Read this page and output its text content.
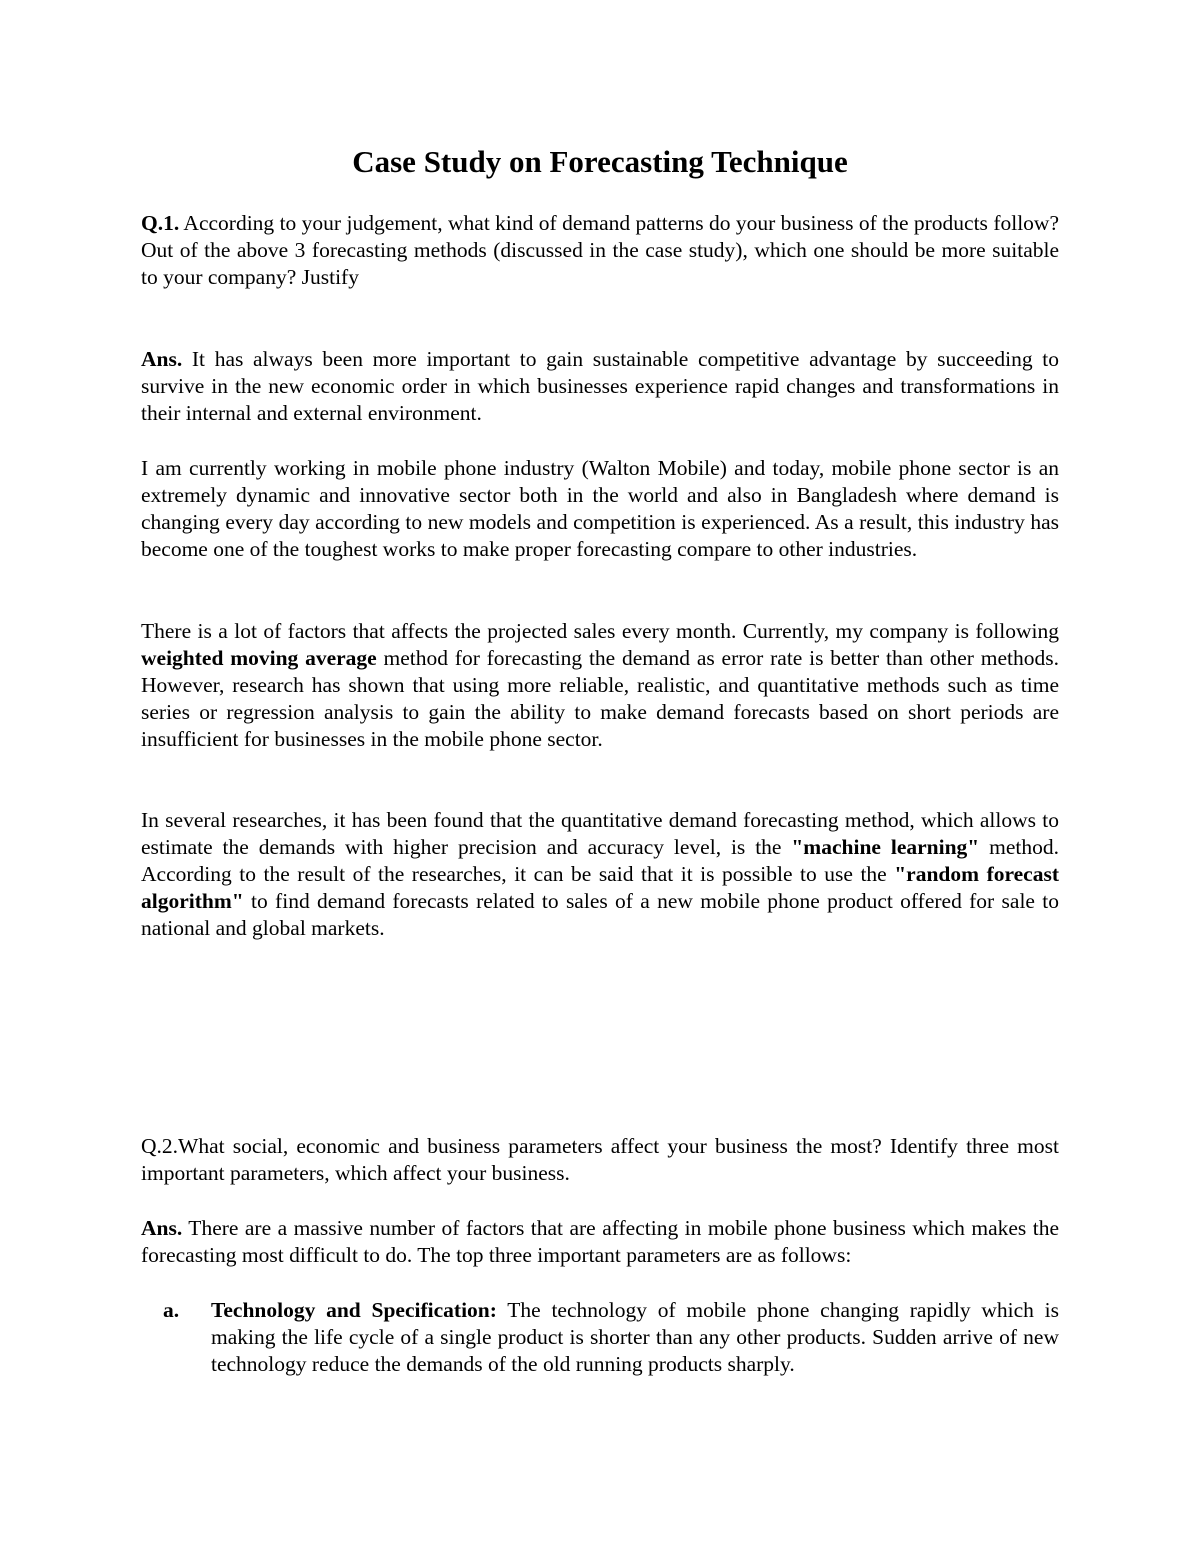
Case Study on Forecasting Technique

Q.1. According to your judgement, what kind of demand patterns do your business of the products follow? Out of the above 3 forecasting methods (discussed in the case study), which one should be more suitable to your company? Justify

Ans. It has always been more important to gain sustainable competitive advantage by succeeding to survive in the new economic order in which businesses experience rapid changes and transformations in their internal and external environment.

I am currently working in mobile phone industry (Walton Mobile) and today, mobile phone sector is an extremely dynamic and innovative sector both in the world and also in Bangladesh where demand is changing every day according to new models and competition is experienced. As a result, this industry has become one of the toughest works to make proper forecasting compare to other industries.

There is a lot of factors that affects the projected sales every month. Currently, my company is following weighted moving average method for forecasting the demand as error rate is better than other methods. However, research has shown that using more reliable, realistic, and quantitative methods such as time series or regression analysis to gain the ability to make demand forecasts based on short periods are insufficient for businesses in the mobile phone sector.

In several researches, it has been found that the quantitative demand forecasting method, which allows to estimate the demands with higher precision and accuracy level, is the "machine learning" method. According to the result of the researches, it can be said that it is possible to use the "random forecast algorithm" to find demand forecasts related to sales of a new mobile phone product offered for sale to national and global markets.

Q.2.What social, economic and business parameters affect your business the most? Identify three most important parameters, which affect your business.

Ans. There are a massive number of factors that are affecting in mobile phone business which makes the forecasting most difficult to do. The top three important parameters are as follows:

a. Technology and Specification: The technology of mobile phone changing rapidly which is making the life cycle of a single product is shorter than any other products. Sudden arrive of new technology reduce the demands of the old running products sharply.
